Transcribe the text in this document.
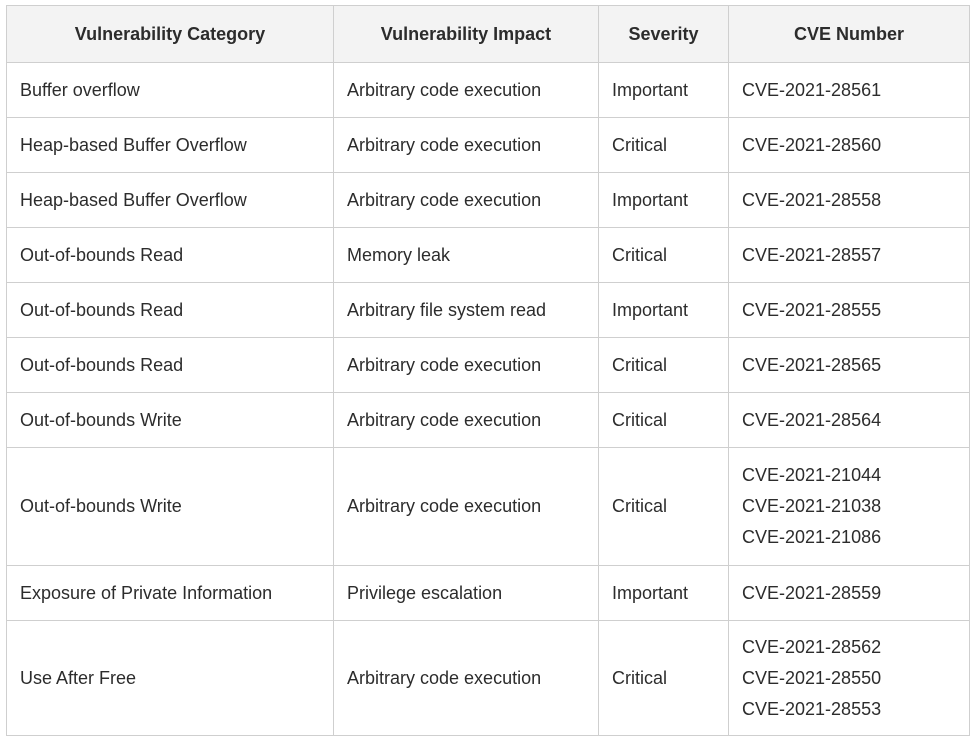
Vulnerability Category	Vulnerability Impact	Severity	CVE Number
Buffer overflow	Arbitrary code execution	Important	CVE-2021-28561

Heap-based Buffer Overflow	Arbitrary code execution	Critical	CVE-2021-28560

Heap-based Buffer Overflow	Arbitrary code execution	Important	CVE-2021-28558

Out-of-bounds Read	Memory leak	Critical	CVE-2021-28557

Out-of-bounds Read	Arbitrary file system read	Important	CVE-2021-28555

Out-of-bounds Read	Arbitrary code execution	Critical	CVE-2021-28565

Out-of-bounds Write	Arbitrary code execution	Critical	CVE-2021-28564

Out-of-bounds Write	Arbitrary code execution	Critical	CVE-2021-21044
CVE-2021-21038
CVE-2021-21086

Exposure of Private Information	Privilege escalation	Important	CVE-2021-28559

Use After Free	Arbitrary code execution	Critical	CVE-2021-28562
CVE-2021-28550
CVE-2021-28553
